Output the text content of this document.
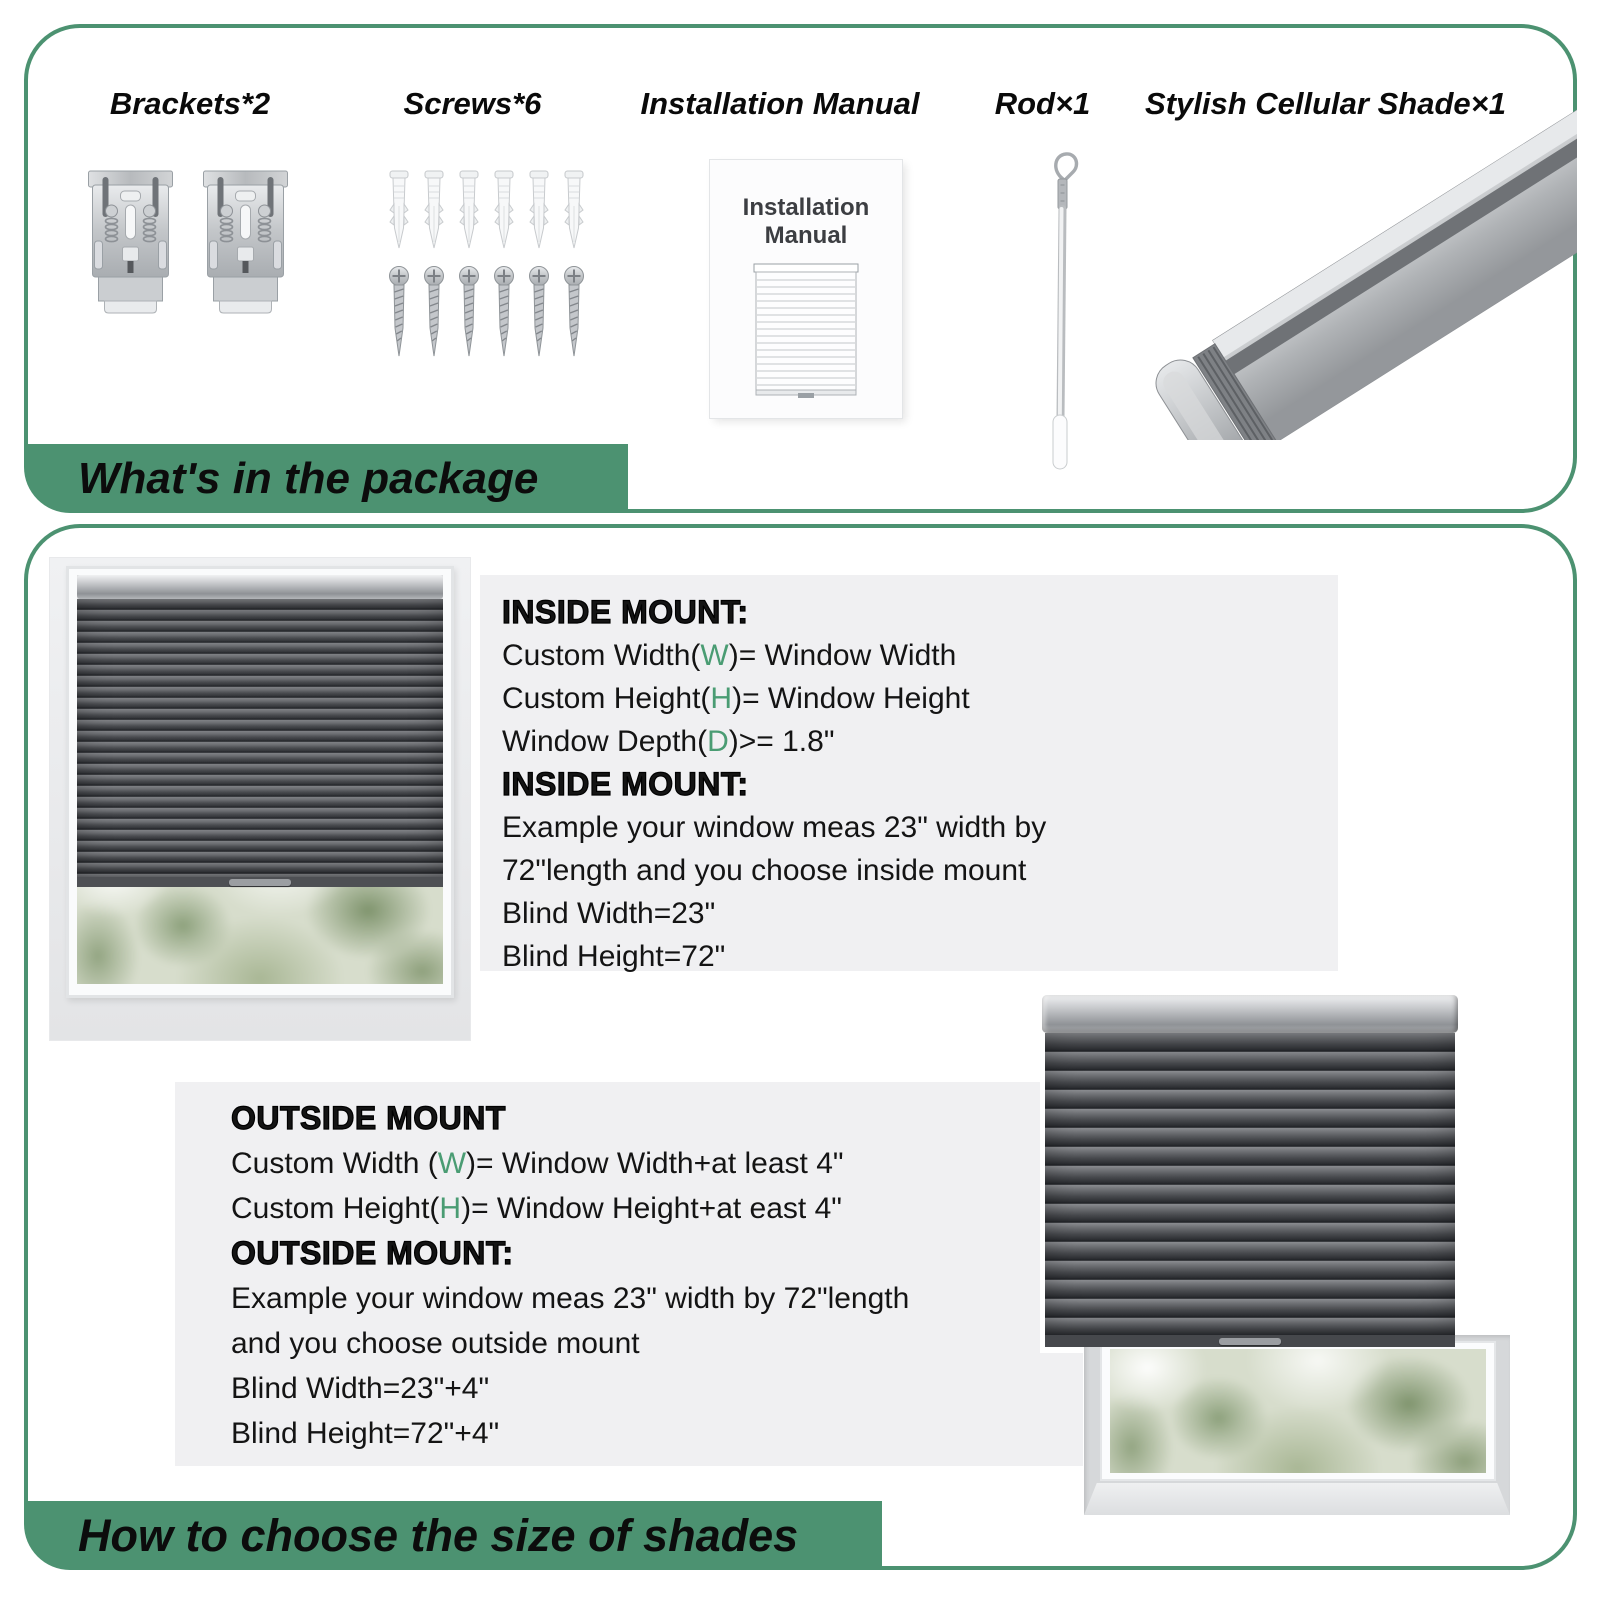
Brackets*2	Screws*6	Installation Manual	Rod×1	Stylish Cellular Shade×1
Installation
Manual
What's in the package
INSIDE MOUNT:
Custom Width(W)= Window Width
Custom Height(H)= Window Height
Window Depth(D)>= 1.8"
INSIDE MOUNT:
Example your window meas 23" width by
72"length and you choose inside mount
Blind Width=23"
Blind Height=72"
OUTSIDE MOUNT
Custom Width (W)= Window Width+at least 4"
Custom Height(H)= Window Height+at east 4"
OUTSIDE MOUNT:
Example your window meas 23" width by 72"length
and you choose outside mount
Blind Width=23"+4"
Blind Height=72"+4"
How to choose the size of shades
